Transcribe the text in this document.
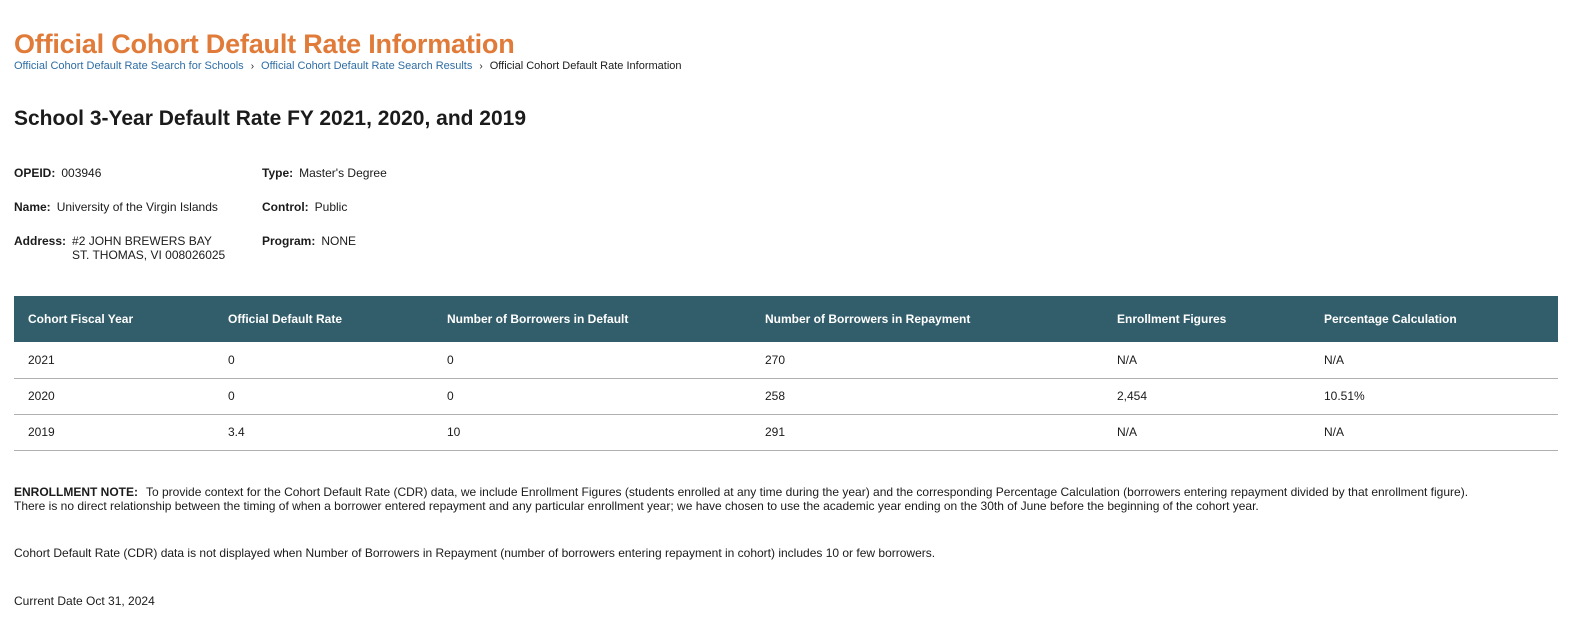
Official Cohort Default Rate Information
Official Cohort Default Rate Search for Schools › Official Cohort Default Rate Search Results › Official Cohort Default Rate Information
School 3-Year Default Rate FY 2021, 2020, and 2019
OPEID: 003946
Name: University of the Virgin Islands
Address: #2 JOHN BREWERS BAY
ST. THOMAS, VI 008026025
Type: Master's Degree
Control: Public
Program: NONE
Cohort Fiscal Year	Official Default Rate	Number of Borrowers in Default	Number of Borrowers in Repayment	Enrollment Figures	Percentage Calculation
2021	0	0	270	N/A	N/A
2020	0	0	258	2,454	10.51%
2019	3.4	10	291	N/A	N/A
ENROLLMENT NOTE: To provide context for the Cohort Default Rate (CDR) data, we include Enrollment Figures (students enrolled at any time during the year) and the corresponding Percentage Calculation (borrowers entering repayment divided by that enrollment figure).
There is no direct relationship between the timing of when a borrower entered repayment and any particular enrollment year; we have chosen to use the academic year ending on the 30th of June before the beginning of the cohort year.
Cohort Default Rate (CDR) data is not displayed when Number of Borrowers in Repayment (number of borrowers entering repayment in cohort) includes 10 or few borrowers.
Current Date Oct 31, 2024
